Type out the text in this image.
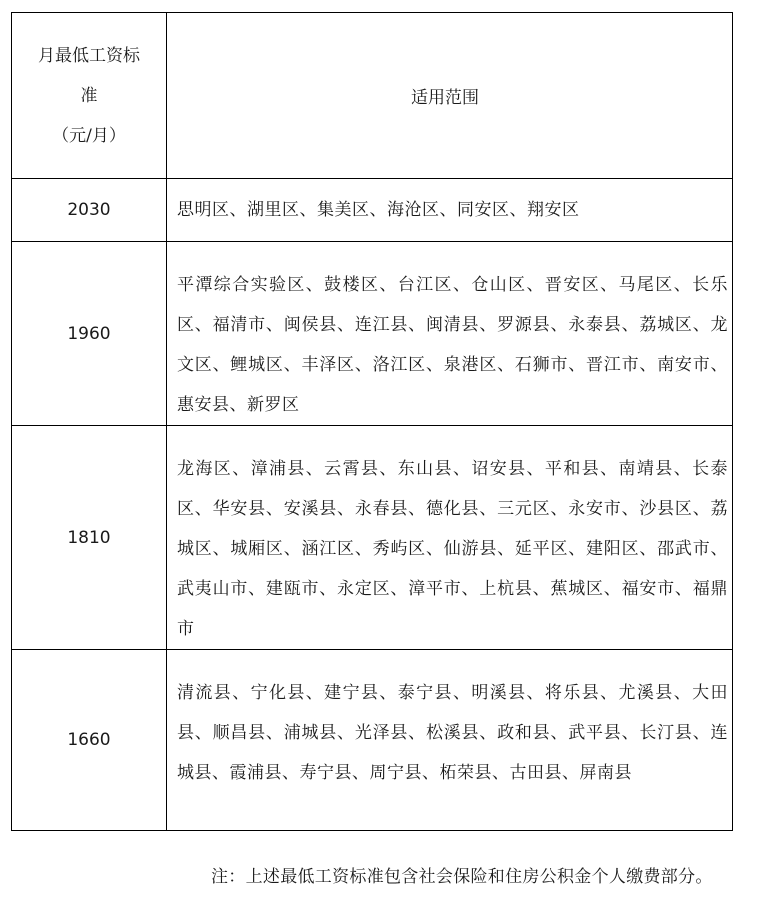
月最低工资标
准
（元/月）	适用范围
2030	思明区、湖里区、集美区、海沧区、同安区、翔安区
1960	平潭综合实验区、鼓楼区、台江区、仓山区、晋安区、马尾区、长乐区、福清市、闽侯县、连江县、闽清县、罗源县、永泰县、荔城区、龙文区、鲤城区、丰泽区、洛江区、泉港区、石狮市、晋江市、南安市、惠安县、新罗区
1810	龙海区、漳浦县、云霄县、东山县、诏安县、平和县、南靖县、长泰区、华安县、安溪县、永春县、德化县、三元区、永安市、沙县区、荔城区、城厢区、涵江区、秀屿区、仙游县、延平区、建阳区、邵武市、武夷山市、建瓯市、永定区、漳平市、上杭县、蕉城区、福安市、福鼎市
1660	清流县、宁化县、建宁县、泰宁县、明溪县、将乐县、尤溪县、大田县、顺昌县、浦城县、光泽县、松溪县、政和县、武平县、长汀县、连城县、霞浦县、寿宁县、周宁县、柘荣县、古田县、屏南县
注：上述最低工资标准包含社会保险和住房公积金个人缴费部分。
